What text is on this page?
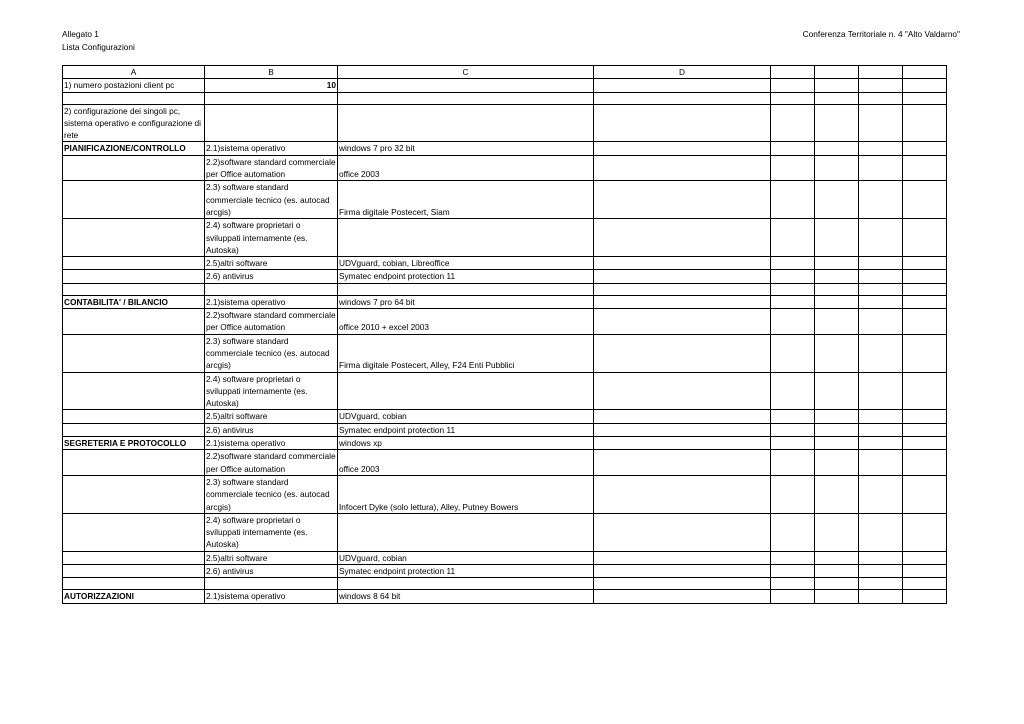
Allegato 1
Lista Configurazioni
Conferenza Territoriale n. 4 "Alto Valdarno"
A	B	C	D				
1) numero postazioni client pc	10						

2) configurazione dei singoli pc, sistema operativo e configurazione di rete							
PIANIFICAZIONE/CONTROLLO	2.1)sistema operativo	windows 7 pro 32 bit					
	2.2)software standard commerciale per Office automation	office 2003					
	2.3) software standard commerciale tecnico (es. autocad arcgis)	Firma digitale Postecert, Siam					
	2.4) software proprietari o sviluppati internamente (es. Autoska)						
	2.5)altri software	UDVguard, cobian, Libreoffice					
	2.6) antivirus	Symatec endpoint protection 11					

CONTABILITA' / BILANCIO	2.1)sistema operativo	windows 7 pro 64 bit					
	2.2)software standard commerciale per Office automation	office 2010 + excel 2003					
	2.3) software standard commerciale tecnico (es. autocad arcgis)	Firma digitale Postecert, Alley, F24 Enti Pubblici					
	2.4) software proprietari o sviluppati internamente (es. Autoska)						
	2.5)altri software	UDVguard, cobian					
	2.6) antivirus	Symatec endpoint protection 11					
SEGRETERIA E PROTOCOLLO	2.1)sistema operativo	windows xp					
	2.2)software standard commerciale per Office automation	office 2003					
	2.3) software standard commerciale tecnico (es. autocad arcgis)	Infocert Dyke (solo lettura), Alley, Putney Bowers					
	2.4) software proprietari o sviluppati internamente (es. Autoska)						
	2.5)altri software	UDVguard, cobian					
	2.6) antivirus	Symatec endpoint protection 11					

AUTORIZZAZIONI	2.1)sistema operativo	windows 8 64 bit					
